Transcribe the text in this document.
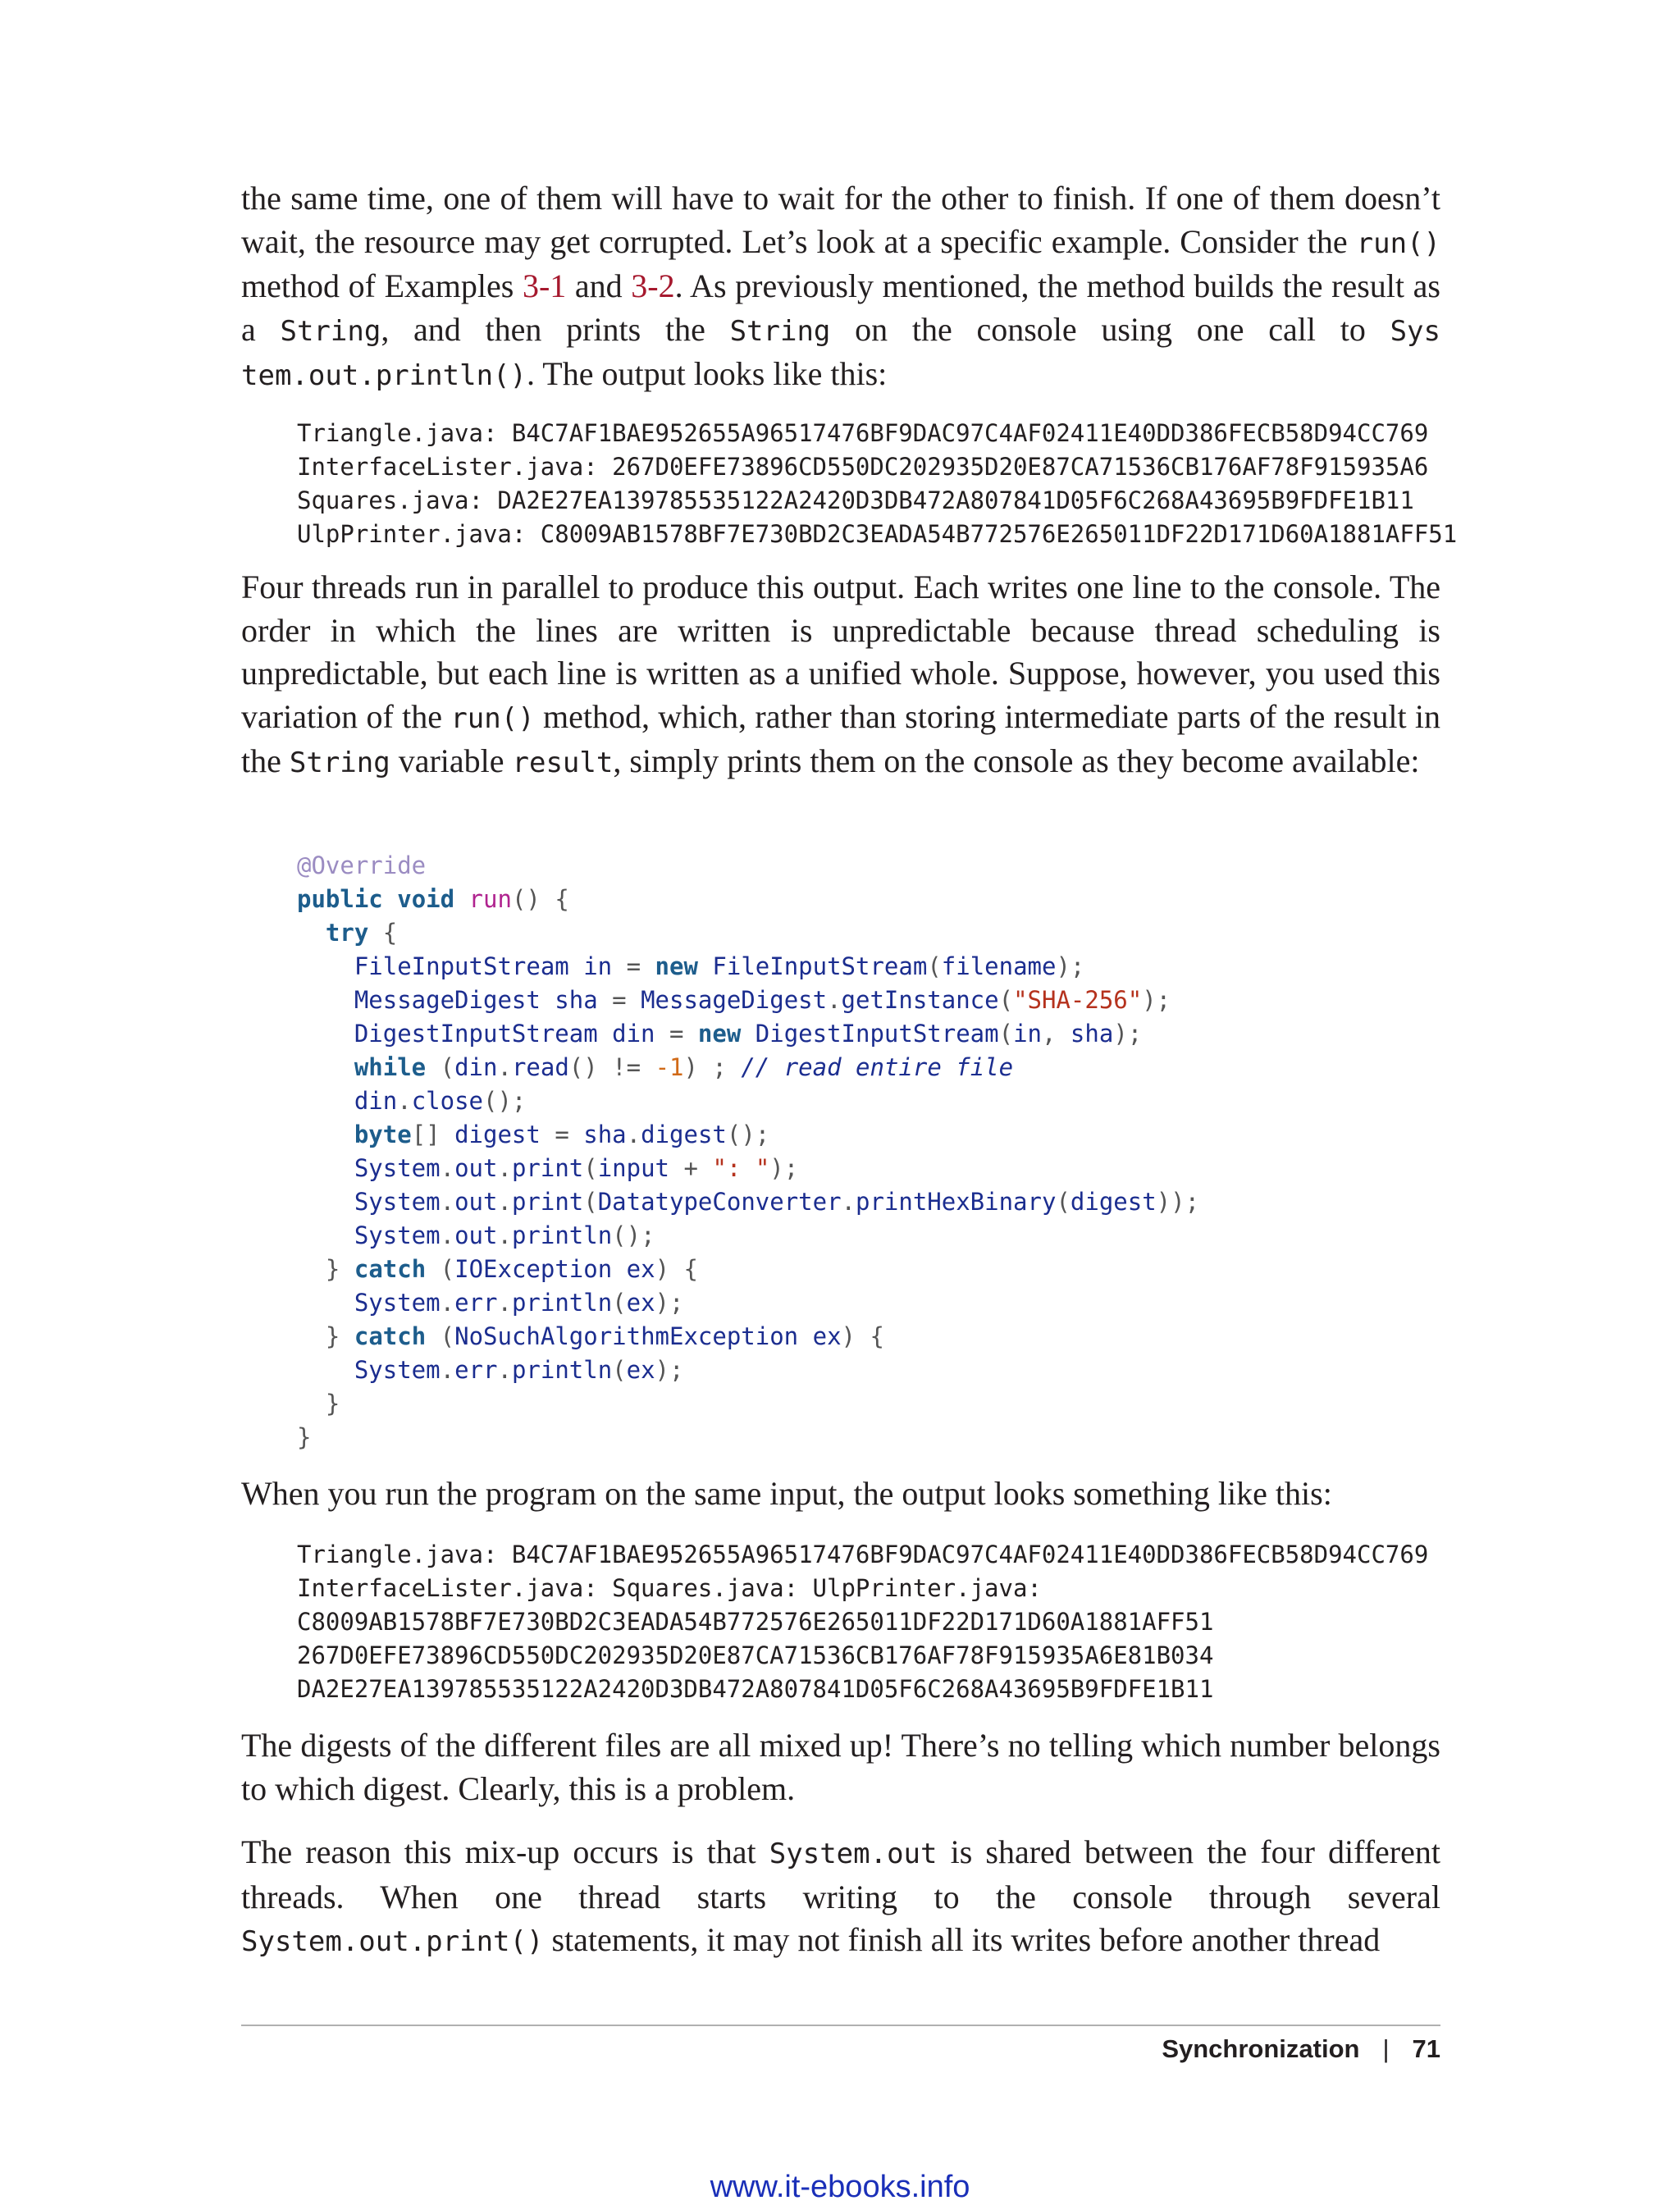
the same time, one of them will have to wait for the other to finish. If one of them doesn’t wait, the resource may get corrupted. Let’s look at a specific example. Consider the run() method of Examples 3-1 and 3-2. As previously mentioned, the method builds the result as a String, and then prints the String on the console using one call to Sys tem.out.println(). The output looks like this:

Triangle.java: B4C7AF1BAE952655A96517476BF9DAC97C4AF02411E40DD386FECB58D94CC769
InterfaceLister.java: 267D0EFE73896CD550DC202935D20E87CA71536CB176AF78F915935A6
Squares.java: DA2E27EA139785535122A2420D3DB472A807841D05F6C268A43695B9FDFE1B11
UlpPrinter.java: C8009AB1578BF7E730BD2C3EADA54B772576E265011DF22D171D60A1881AFF51

Four threads run in parallel to produce this output. Each writes one line to the console. The order in which the lines are written is unpredictable because thread scheduling is unpredictable, but each line is written as a unified whole. Suppose, however, you used this variation of the run() method, which, rather than storing intermediate parts of the result in the String variable result, simply prints them on the console as they become available:

@Override
public void run() {
try {
FileInputStream in = new FileInputStream(filename);
MessageDigest sha = MessageDigest.getInstance("SHA-256");
DigestInputStream din = new DigestInputStream(in, sha);
while (din.read() != -1) ; // read entire file
din.close();
byte[] digest = sha.digest();
System.out.print(input + ": ");
System.out.print(DatatypeConverter.printHexBinary(digest));
System.out.println();
} catch (IOException ex) {
System.err.println(ex);
} catch (NoSuchAlgorithmException ex) {
System.err.println(ex);
}
}

When you run the program on the same input, the output looks something like this:

Triangle.java: B4C7AF1BAE952655A96517476BF9DAC97C4AF02411E40DD386FECB58D94CC769
InterfaceLister.java: Squares.java: UlpPrinter.java:
C8009AB1578BF7E730BD2C3EADA54B772576E265011DF22D171D60A1881AFF51
267D0EFE73896CD550DC202935D20E87CA71536CB176AF78F915935A6E81B034
DA2E27EA139785535122A2420D3DB472A807841D05F6C268A43695B9FDFE1B11

The digests of the different files are all mixed up! There’s no telling which number belongs to which digest. Clearly, this is a problem.

The reason this mix-up occurs is that System.out is shared between the four different threads. When one thread starts writing to the console through several System.out.print() statements, it may not finish all its writes before another thread

Synchronization | 71
www.it-ebooks.info
